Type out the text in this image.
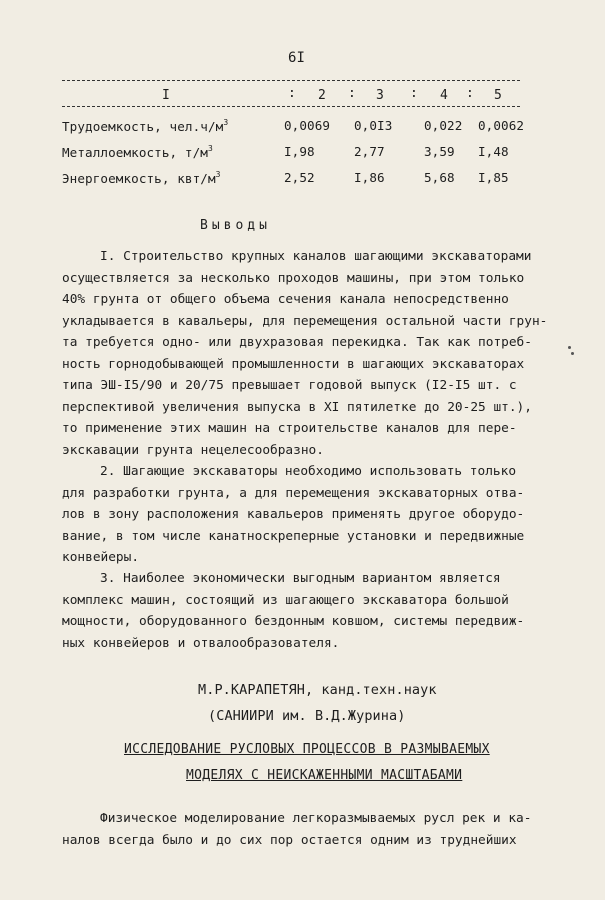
6I
I	: 2 : 3 : 4 : 5
Трудоемкость, $чел.ч/м^3$	0,0069 0,0I3	0,022 0,0062
Металлоемкость, $т/м^3$	I,98	2,77	3,59 I,48
Энергоемкость, квт/$м^3$	2,52	I,86	5,68 I,85
Выводы
I. Строительство крупных каналов шагающими экскаваторами
осуществляется за несколько проходов машины, при этом только
40% грунта от общего объема сечения канала непосредственно
укладывается в кавальеры, для перемещения остальной части грун-
та требуется одно- или двухразовая перекидка. Так как потреб-
ность горнодобывающей промышленности в шагающих экскаваторах
типа ЭШ-I5/90 и 20/75 превышает годовой выпуск (I2-I5 шт. с
перспективой увеличения выпуска в XI пятилетке до 20-25 шт.),
то применение этих машин на строительстве каналов для пере-
экскавации грунта нецелесообразно.
2. Шагающие экскаваторы необходимо использовать только
для разработки грунта, а для перемещения экскаваторных отва-
лов в зону расположения кавальеров применять другое оборудо-
вание, в том числе канатноскреперные установки и передвижные
конвейеры.
3. Наиболее экономически выгодным вариантом является
комплекс машин, состоящий из шагающего экскаватора большой
мощности, оборудованного бездонным ковшом, системы передвиж-
ных конвейеров и отвалообразователя.
М.Р.КАРАПЕТЯН, канд.техн.наук
(САНИИРИ им. В.Д.Журина)
ИССЛЕДОВАНИЕ РУСЛОВЫХ ПРОЦЕССОВ В РАЗМЫВАЕМЫХ
МОДЕЛЯХ С НЕИСКАЖЕННЫМИ МАСШТАБАМИ
Физическое моделирование легкоразмываемых русл рек и ка-
налов всегда было и до сих пор остается одним из труднейших
